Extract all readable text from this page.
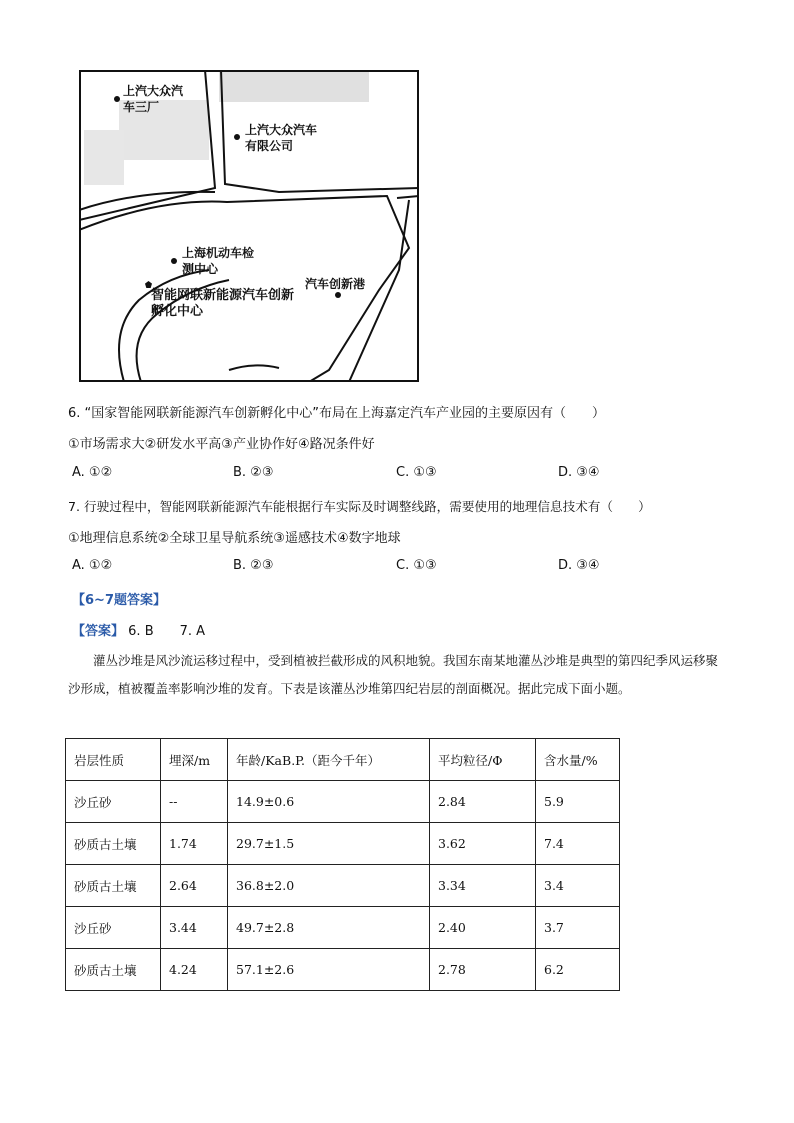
上汽大众汽车三厂
上汽大众汽车有限公司
上海机动车检测中心
智能网联新能源汽车创新孵化中心
汽车创新港
6. “国家智能网联新能源汽车创新孵化中心”布局在上海嘉定汽车产业园的主要原因有（　　）
①市场需求大②研发水平高③产业协作好④路况条件好
A. ①②	B. ②③	C. ①③	D. ③④
7. 行驶过程中，智能网联新能源汽车能根据行车实际及时调整线路，需要使用的地理信息技术有（　　）
①地理信息系统②全球卫星导航系统③遥感技术④数字地球
A. ①②	B. ②③	C. ①③	D. ③④
【6~7题答案】
【答案】 6. B　　7. A
灌丛沙堆是风沙流运移过程中，受到植被拦截形成的风积地貌。我国东南某地灌丛沙堆是典型的第四纪季风运移聚沙形成，植被覆盖率影响沙堆的发育。下表是该灌丛沙堆第四纪岩层的剖面概况。据此完成下面小题。
岩层性质	埋深/m	年龄/KaB.P.（距今千年）	平均粒径/Φ	含水量/%
沙丘砂	--	14.9±0.6	2.84	5.9
砂质古土壤	1.74	29.7±1.5	3.62	7.4
砂质古土壤	2.64	36.8±2.0	3.34	3.4
沙丘砂	3.44	49.7±2.8	2.40	3.7
砂质古土壤	4.24	57.1±2.6	2.78	6.2
